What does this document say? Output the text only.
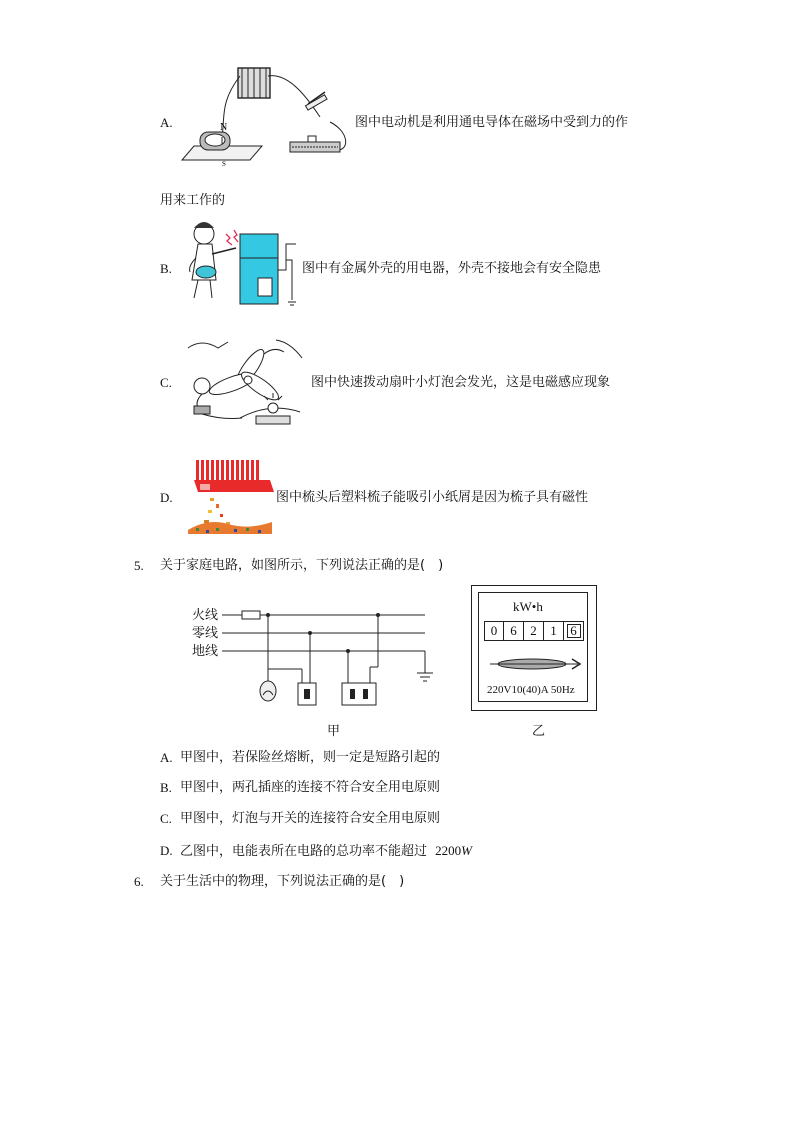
A.	N
S
图中电动机是利用通电导体在磁场中受到力的作
用来工作的
B.	图中有金属外壳的用电器，外壳不接地会有安全隐患
C.	图中快速拨动扇叶小灯泡会发光，这是电磁感应现象
D.	图中梳头后塑料梳子能吸引小纸屑是因为梳子具有磁性
5. 关于家庭电路，如图所示，下列说法正确的是(　)
火线
零线
地线
甲
kW•h
0	6	2	1	6
220V10(40)A 50Hz
乙
A. 甲图中，若保险丝熔断，则一定是短路引起的
B. 甲图中，两孔插座的连接不符合安全用电原则
C. 甲图中，灯泡与开关的连接符合安全用电原则
D. 乙图中，电能表所在电路的总功率不能超过 2200W
6. 关于生活中的物理，下列说法正确的是(　)
